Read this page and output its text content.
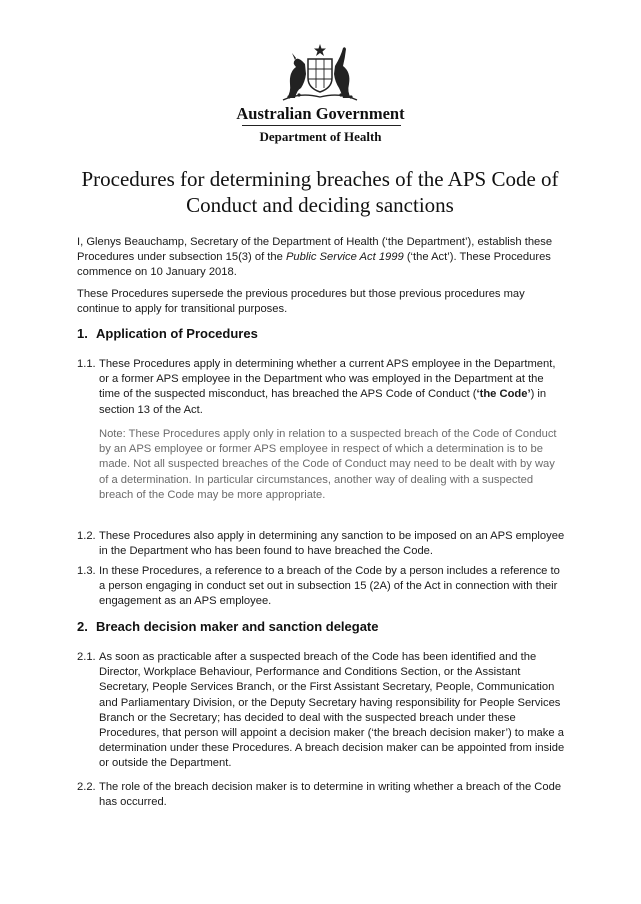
Australian Government
Department of Health
Procedures for determining breaches of the APS Code of Conduct and deciding sanctions
I, Glenys Beauchamp, Secretary of the Department of Health (‘the Department’), establish these Procedures under subsection 15(3) of the Public Service Act 1999 (‘the Act’). These Procedures commence on 10 January 2018.
These Procedures supersede the previous procedures but those previous procedures may continue to apply for transitional purposes.
1. Application of Procedures
1.1. These Procedures apply in determining whether a current APS employee in the Department, or a former APS employee in the Department who was employed in the Department at the time of the suspected misconduct, has breached the APS Code of Conduct (‘the Code’) in section 13 of the Act.
Note: These Procedures apply only in relation to a suspected breach of the Code of Conduct by an APS employee or former APS employee in respect of which a determination is to be made. Not all suspected breaches of the Code of Conduct may need to be dealt with by way of a determination. In particular circumstances, another way of dealing with a suspected breach of the Code may be more appropriate.
1.2. These Procedures also apply in determining any sanction to be imposed on an APS employee in the Department who has been found to have breached the Code.
1.3. In these Procedures, a reference to a breach of the Code by a person includes a reference to a person engaging in conduct set out in subsection 15 (2A) of the Act in connection with their engagement as an APS employee.
2. Breach decision maker and sanction delegate
2.1. As soon as practicable after a suspected breach of the Code has been identified and the Director, Workplace Behaviour, Performance and Conditions Section, or the Assistant Secretary, People Services Branch, or the First Assistant Secretary, People, Communication and Parliamentary Division, or the Deputy Secretary having responsibility for People Services Branch or the Secretary; has decided to deal with the suspected breach under these Procedures, that person will appoint a decision maker (‘the breach decision maker’) to make a determination under these Procedures. A breach decision maker can be appointed from inside or outside the Department.
2.2. The role of the breach decision maker is to determine in writing whether a breach of the Code has occurred.
